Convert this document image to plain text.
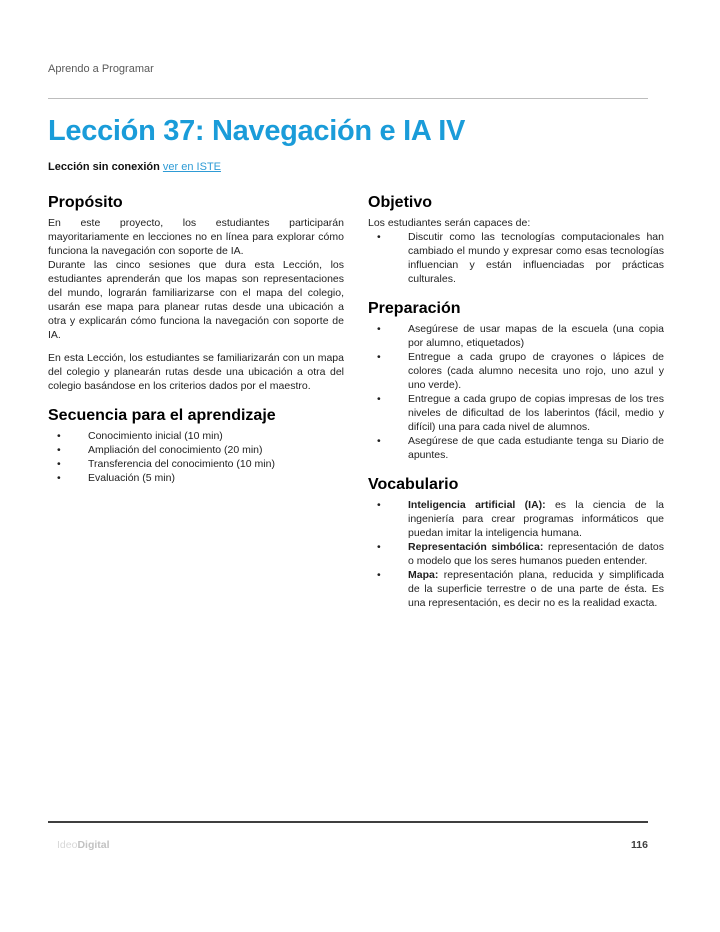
Aprendo a Programar
Lección 37: Navegación e IA IV

Lección sin conexión ver en ISTE

Propósito

En este proyecto, los estudiantes participarán mayoritariamente en lecciones no en línea para explorar cómo funciona la navegación con soporte de IA.

Durante las cinco sesiones que dura esta Lección, los estudiantes aprenderán que los mapas son representaciones del mundo, lograrán familiarizarse con el mapa del colegio, usarán ese mapa para planear rutas desde una ubicación a otra y explicarán cómo funciona la navegación con soporte de IA.

En esta Lección, los estudiantes se familiarizarán con un mapa del colegio y planearán rutas desde una ubicación a otra del colegio basándose en los criterios dados por el maestro.

Secuencia para el aprendizaje
• Conocimiento inicial (10 min)
• Ampliación del conocimiento (20 min)
• Transferencia del conocimiento (10 min)
• Evaluación (5 min)
Objetivo

Los estudiantes serán capaces de:

• Discutir como las tecnologías computacionales han cambiado el mundo y expresar como esas tecnologías influencian y están influenciadas por prácticas culturales.
Preparación
• Asegúrese de usar mapas de la escuela (una copia por alumno, etiquetados)
• Entregue a cada grupo de crayones o lápices de colores (cada alumno necesita uno rojo, uno azul y uno verde).
• Entregue a cada grupo de copias impresas de los tres niveles de dificultad de los laberintos (fácil, medio y difícil) una para cada nivel de alumnos.
• Asegúrese de que cada estudiante tenga su Diario de apuntes.
Vocabulario
• Inteligencia artificial (IA): es la ciencia de la ingeniería para crear programas informáticos que puedan imitar la inteligencia humana.
• Representación simbólica: representación de datos o modelo que los seres humanos pueden entender.
• Mapa: representación plana, reducida y simplificada de la superficie terrestre o de una parte de ésta. Es una representación, es decir no es la realidad exacta.
IdeoDigital	116
